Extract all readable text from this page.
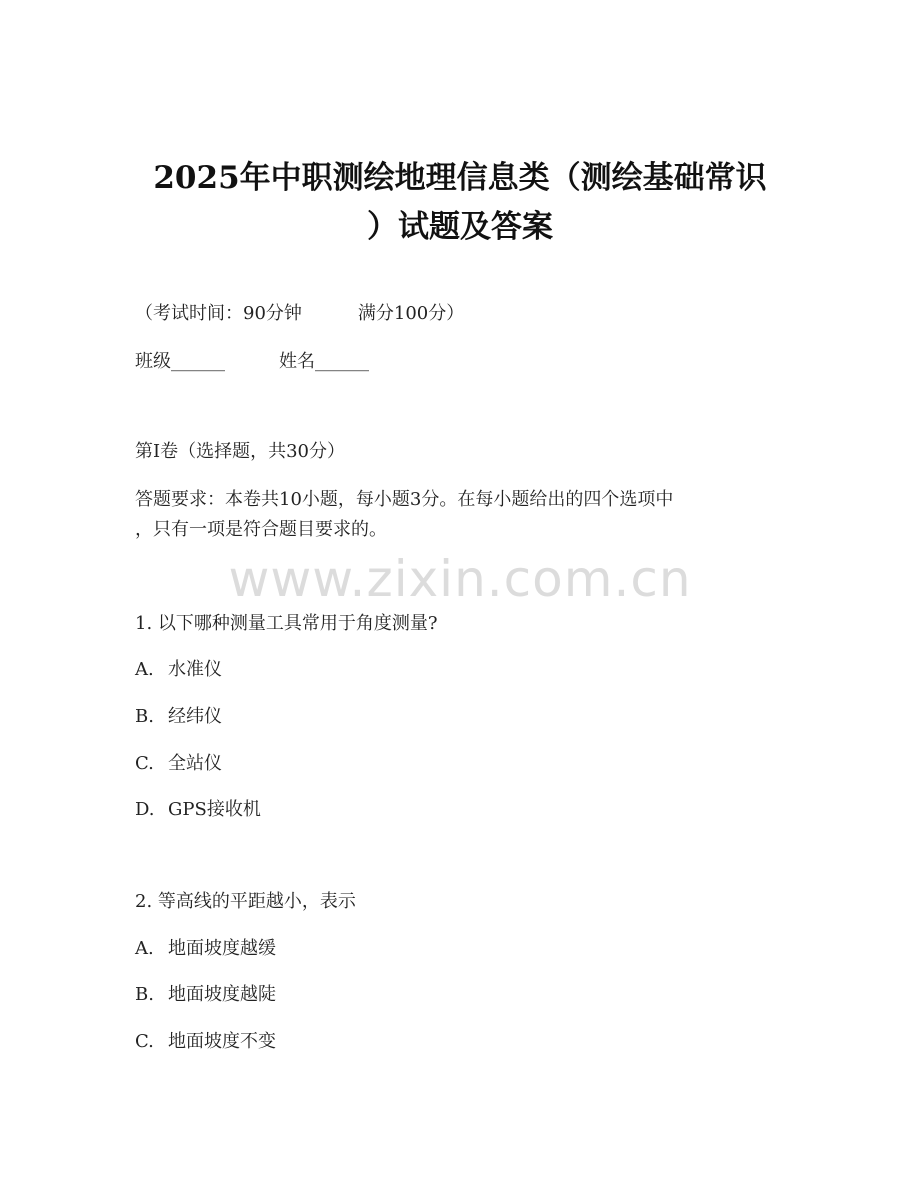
2025年中职测绘地理信息类（测绘基础常识
）试题及答案
（考试时间：90分钟	满分100分）
班级______	姓名______
第I卷（选择题，共30分）
答题要求：本卷共10小题，每小题3分。在每小题给出的四个选项中
，只有一项是符合题目要求的。
www.zixin.com.cn
1. 以下哪种测量工具常用于角度测量?
A. 水准仪
B. 经纬仪
C. 全站仪
D. GPS接收机
2. 等高线的平距越小，表示
A. 地面坡度越缓
B. 地面坡度越陡
C. 地面坡度不变
